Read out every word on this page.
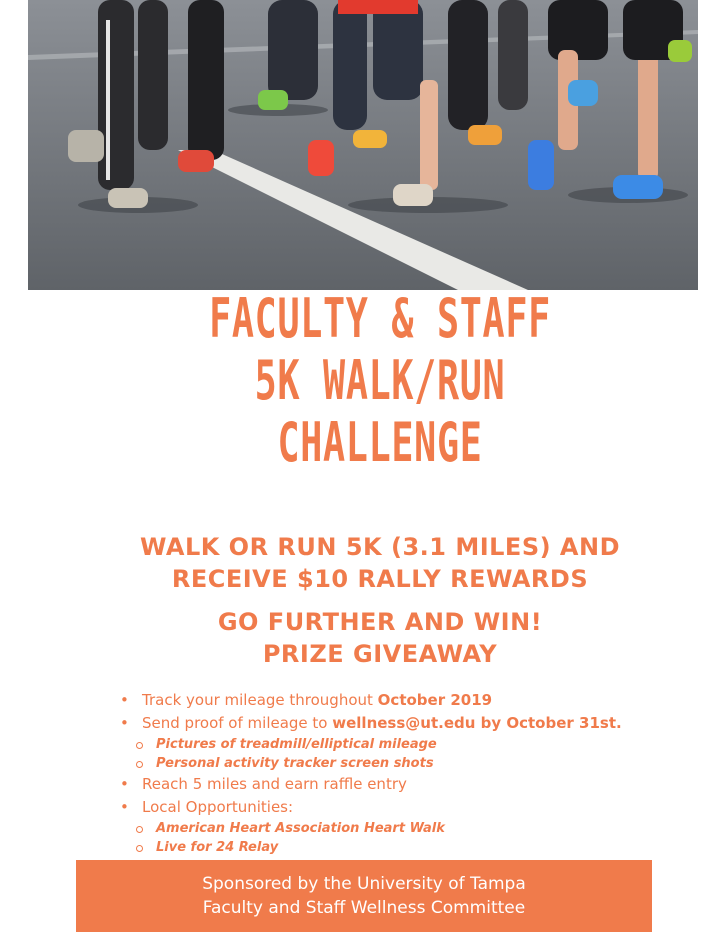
FACULTY & STAFF
5K WALK/RUN
CHALLENGE
WALK OR RUN 5K (3.1 MILES) AND
RECEIVE $10 RALLY REWARDS
GO FURTHER AND WIN!
PRIZE GIVEAWAY
• Track your mileage throughout October 2019
• Send proof of mileage to wellness@ut.edu by October 31st.
Pictures of treadmill/elliptical mileage
Personal activity tracker screen shots
• Reach 5 miles and earn raffle entry
• Local Opportunities:
American Heart Association Heart Walk
Live for 24 Relay
Sponsored by the University of Tampa
Faculty and Staff Wellness Committee
